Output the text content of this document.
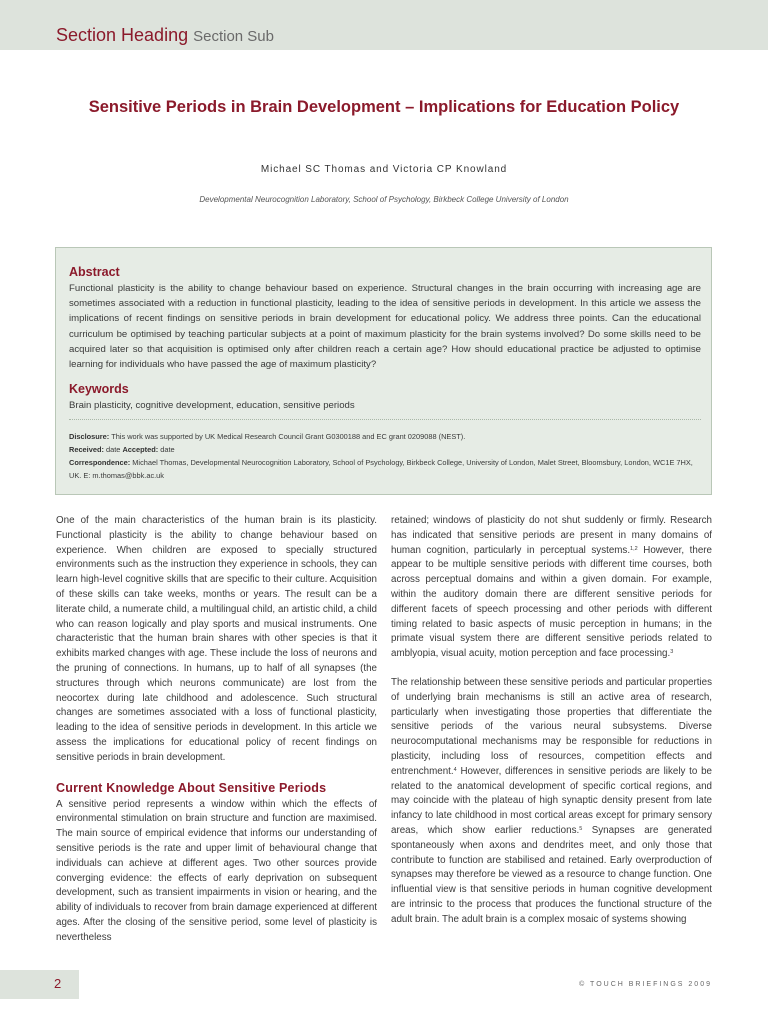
Section Heading Section Sub
Sensitive Periods in Brain Development – Implications for Education Policy
Michael SC Thomas and Victoria CP Knowland
Developmental Neurocognition Laboratory, School of Psychology, Birkbeck College University of London
Abstract
Functional plasticity is the ability to change behaviour based on experience. Structural changes in the brain occurring with increasing age are sometimes associated with a reduction in functional plasticity, leading to the idea of sensitive periods in development. In this article we assess the implications of recent findings on sensitive periods in brain development for educational policy. We address three points. Can the educational curriculum be optimised by teaching particular subjects at a point of maximum plasticity for the brain systems involved? Do some skills need to be acquired later so that acquisition is optimised only after children reach a certain age? How should educational practice be adjusted to optimise learning for individuals who have passed the age of maximum plasticity?
Keywords
Brain plasticity, cognitive development, education, sensitive periods
Disclosure: This work was supported by UK Medical Research Council Grant G0300188 and EC grant 0209088 (NEST).
Received: date Accepted: date
Correspondence: Michael Thomas, Developmental Neurocognition Laboratory, School of Psychology, Birkbeck College, University of London, Malet Street, Bloomsbury, London, WC1E 7HX, UK. E: m.thomas@bbk.ac.uk

One of the main characteristics of the human brain is its plasticity. Functional plasticity is the ability to change behaviour based on experience. When children are exposed to specially structured environments such as the instruction they experience in schools, they can learn high-level cognitive skills that are specific to their culture. Acquisition of these skills can take weeks, months or years. The result can be a literate child, a numerate child, a multilingual child, an artistic child, a child who can reason logically and play sports and musical instruments. One characteristic that the human brain shares with other species is that it exhibits marked changes with age. These include the loss of neurons and the pruning of connections. In humans, up to half of all synapses (the structures through which neurons communicate) are lost from the neocortex during late childhood and adolescence. Such structural changes are sometimes associated with a loss of functional plasticity, leading to the idea of sensitive periods in development. In this article we assess the implications for educational policy of recent findings on sensitive periods in brain development.

Current Knowledge About Sensitive Periods

A sensitive period represents a window within which the effects of environmental stimulation on brain structure and function are maximised. The main source of empirical evidence that informs our understanding of sensitive periods is the rate and upper limit of behavioural change that individuals can achieve at different ages. Two other sources provide converging evidence: the effects of early deprivation on subsequent development, such as transient impairments in vision or hearing, and the ability of individuals to recover from brain damage experienced at different ages. After the closing of the sensitive period, some level of plasticity is nevertheless

retained; windows of plasticity do not shut suddenly or firmly. Research has indicated that sensitive periods are present in many domains of human cognition, particularly in perceptual systems.$^{1,2}$ However, there appear to be multiple sensitive periods with different time courses, both across perceptual domains and within a given domain. For example, within the auditory domain there are different sensitive periods for different facets of speech processing and other periods with different timing related to basic aspects of music perception in humans; in the primate visual system there are different sensitive periods related to amblyopia, visual acuity, motion perception and face processing.$^3$

The relationship between these sensitive periods and particular properties of underlying brain mechanisms is still an active area of research, particularly when investigating those properties that differentiate the sensitive periods of the various neural subsystems. Diverse neurocomputational mechanisms may be responsible for reductions in plasticity, including loss of resources, competition effects and entrenchment.$^4$ However, differences in sensitive periods are likely to be related to the anatomical development of specific cortical regions, and may coincide with the plateau of high synaptic density present from late infancy to late childhood in most cortical areas except for primary sensory areas, which show earlier reductions.$^5$ Synapses are generated spontaneously when axons and dendrites meet, and only those that contribute to function are stabilised and retained. Early overproduction of synapses may therefore be viewed as a resource to change function. One influential view is that sensitive periods in human cognitive development are intrinsic to the process that produces the functional structure of the adult brain. The adult brain is a complex mosaic of systems showing

2	© TOUCH BRIEFINGS 2009
